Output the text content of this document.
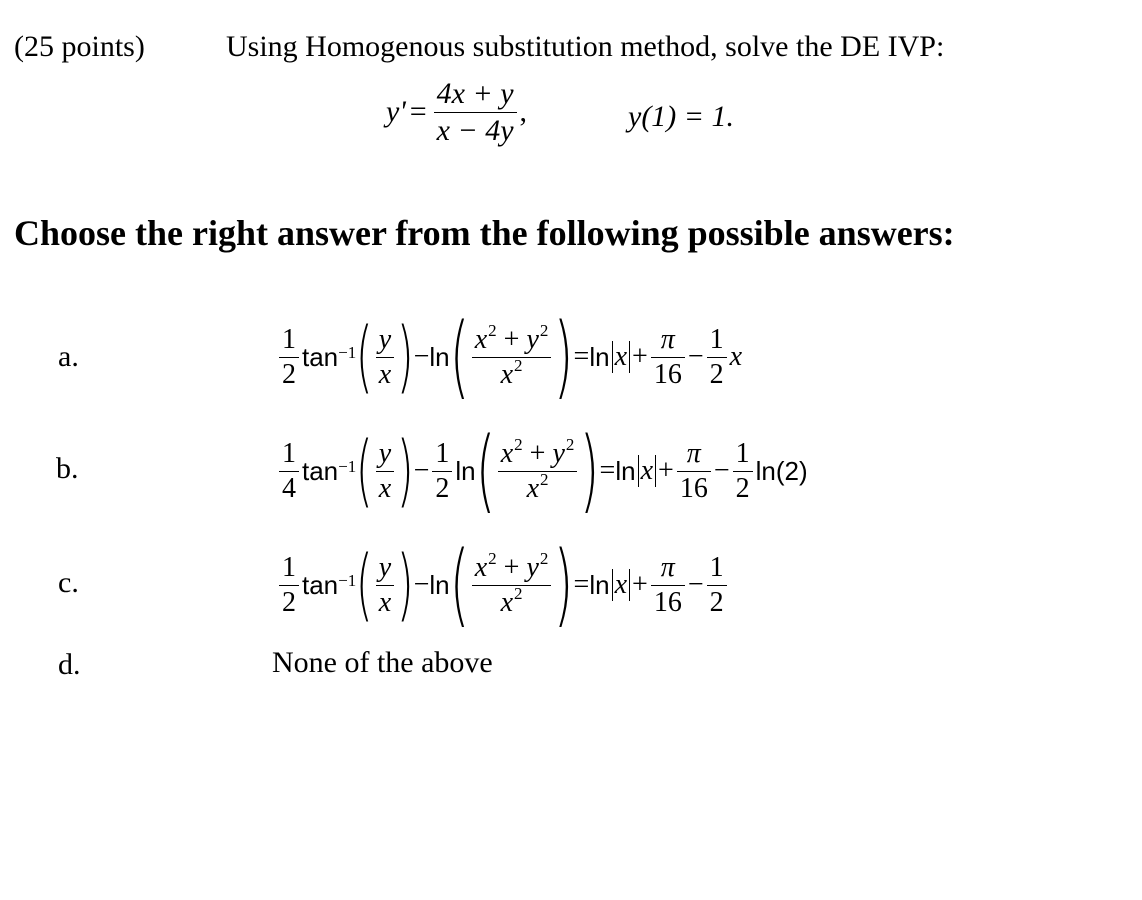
(25 points)	Using Homogenous substitution method, solve the DE IVP:
$y' = \frac{4x + y}{x - 4y}$ ,	y(1) = 1.
Choose the right answer from the following possible answers:
a.
b.
c.
d.
$\frac{1}{2}$ tan −1 ( $\frac{y}{x}$ ) − ln ( $\frac{x^2 + y^2}{x^2}$ ) = $\ln x + \frac{\pi}{16} - \frac{1}{2}$ x
$\frac{1}{4}$ tan −1 ( $\frac{y}{x}$ ) − $\frac{1}{2}$ ln ( $\frac{x^2 + y^2}{x^2}$ ) = $\ln x + \frac{\pi}{16} - \frac{1}{2} \ln(2)$
$\frac{1}{2}$ tan −1 ( $\frac{y}{x}$ ) − ln ( $\frac{x^2 + y^2}{x^2}$ ) = $\ln x + \frac{\pi}{16} - \frac{1}{2}$
None of the above
